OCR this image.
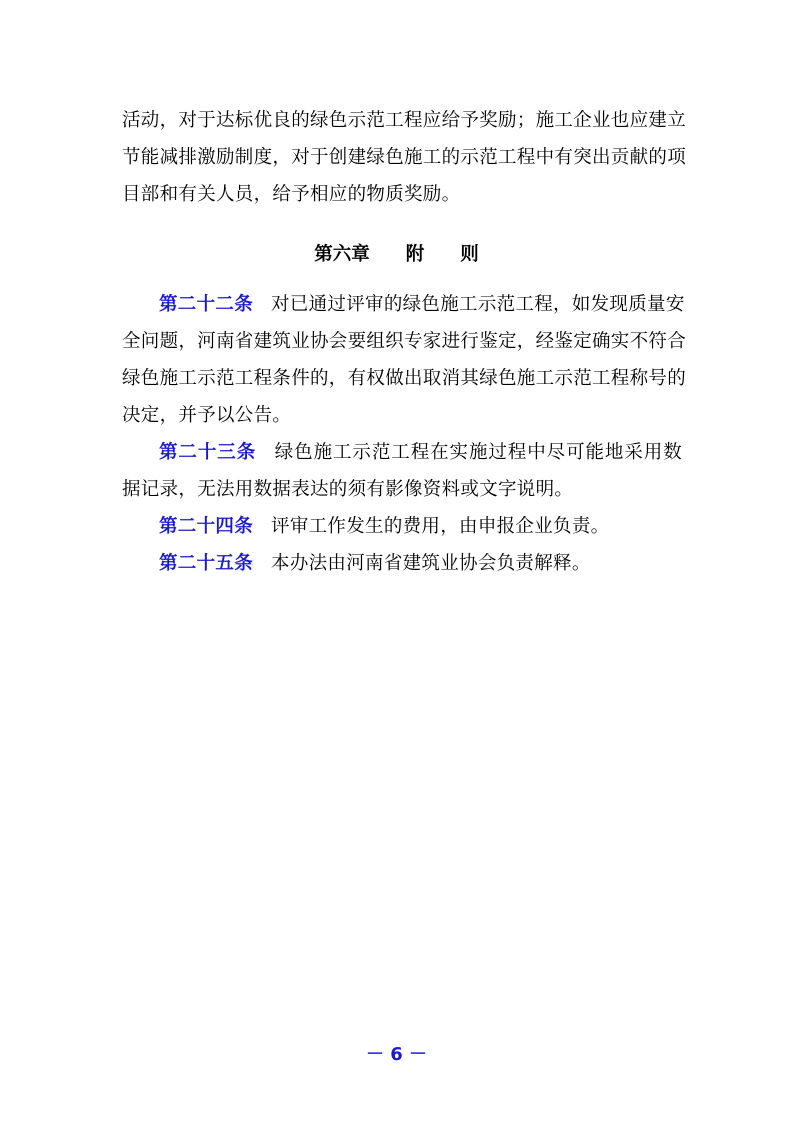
活动，对于达标优良的绿色示范工程应给予奖励；施工企业也应建立
节能减排激励制度，对于创建绿色施工的示范工程中有突出贡献的项
目部和有关人员，给予相应的物质奖励。
第六章 附 则
第二十二条 对已通过评审的绿色施工示范工程，如发现质量安
全问题，河南省建筑业协会要组织专家进行鉴定，经鉴定确实不符合
绿色施工示范工程条件的，有权做出取消其绿色施工示范工程称号的
决定，并予以公告。
第二十三条 绿色施工示范工程在实施过程中尽可能地采用数
据记录，无法用数据表达的须有影像资料或文字说明。
第二十四条 评审工作发生的费用，由申报企业负责。
第二十五条 本办法由河南省建筑业协会负责解释。
－ 6 －
